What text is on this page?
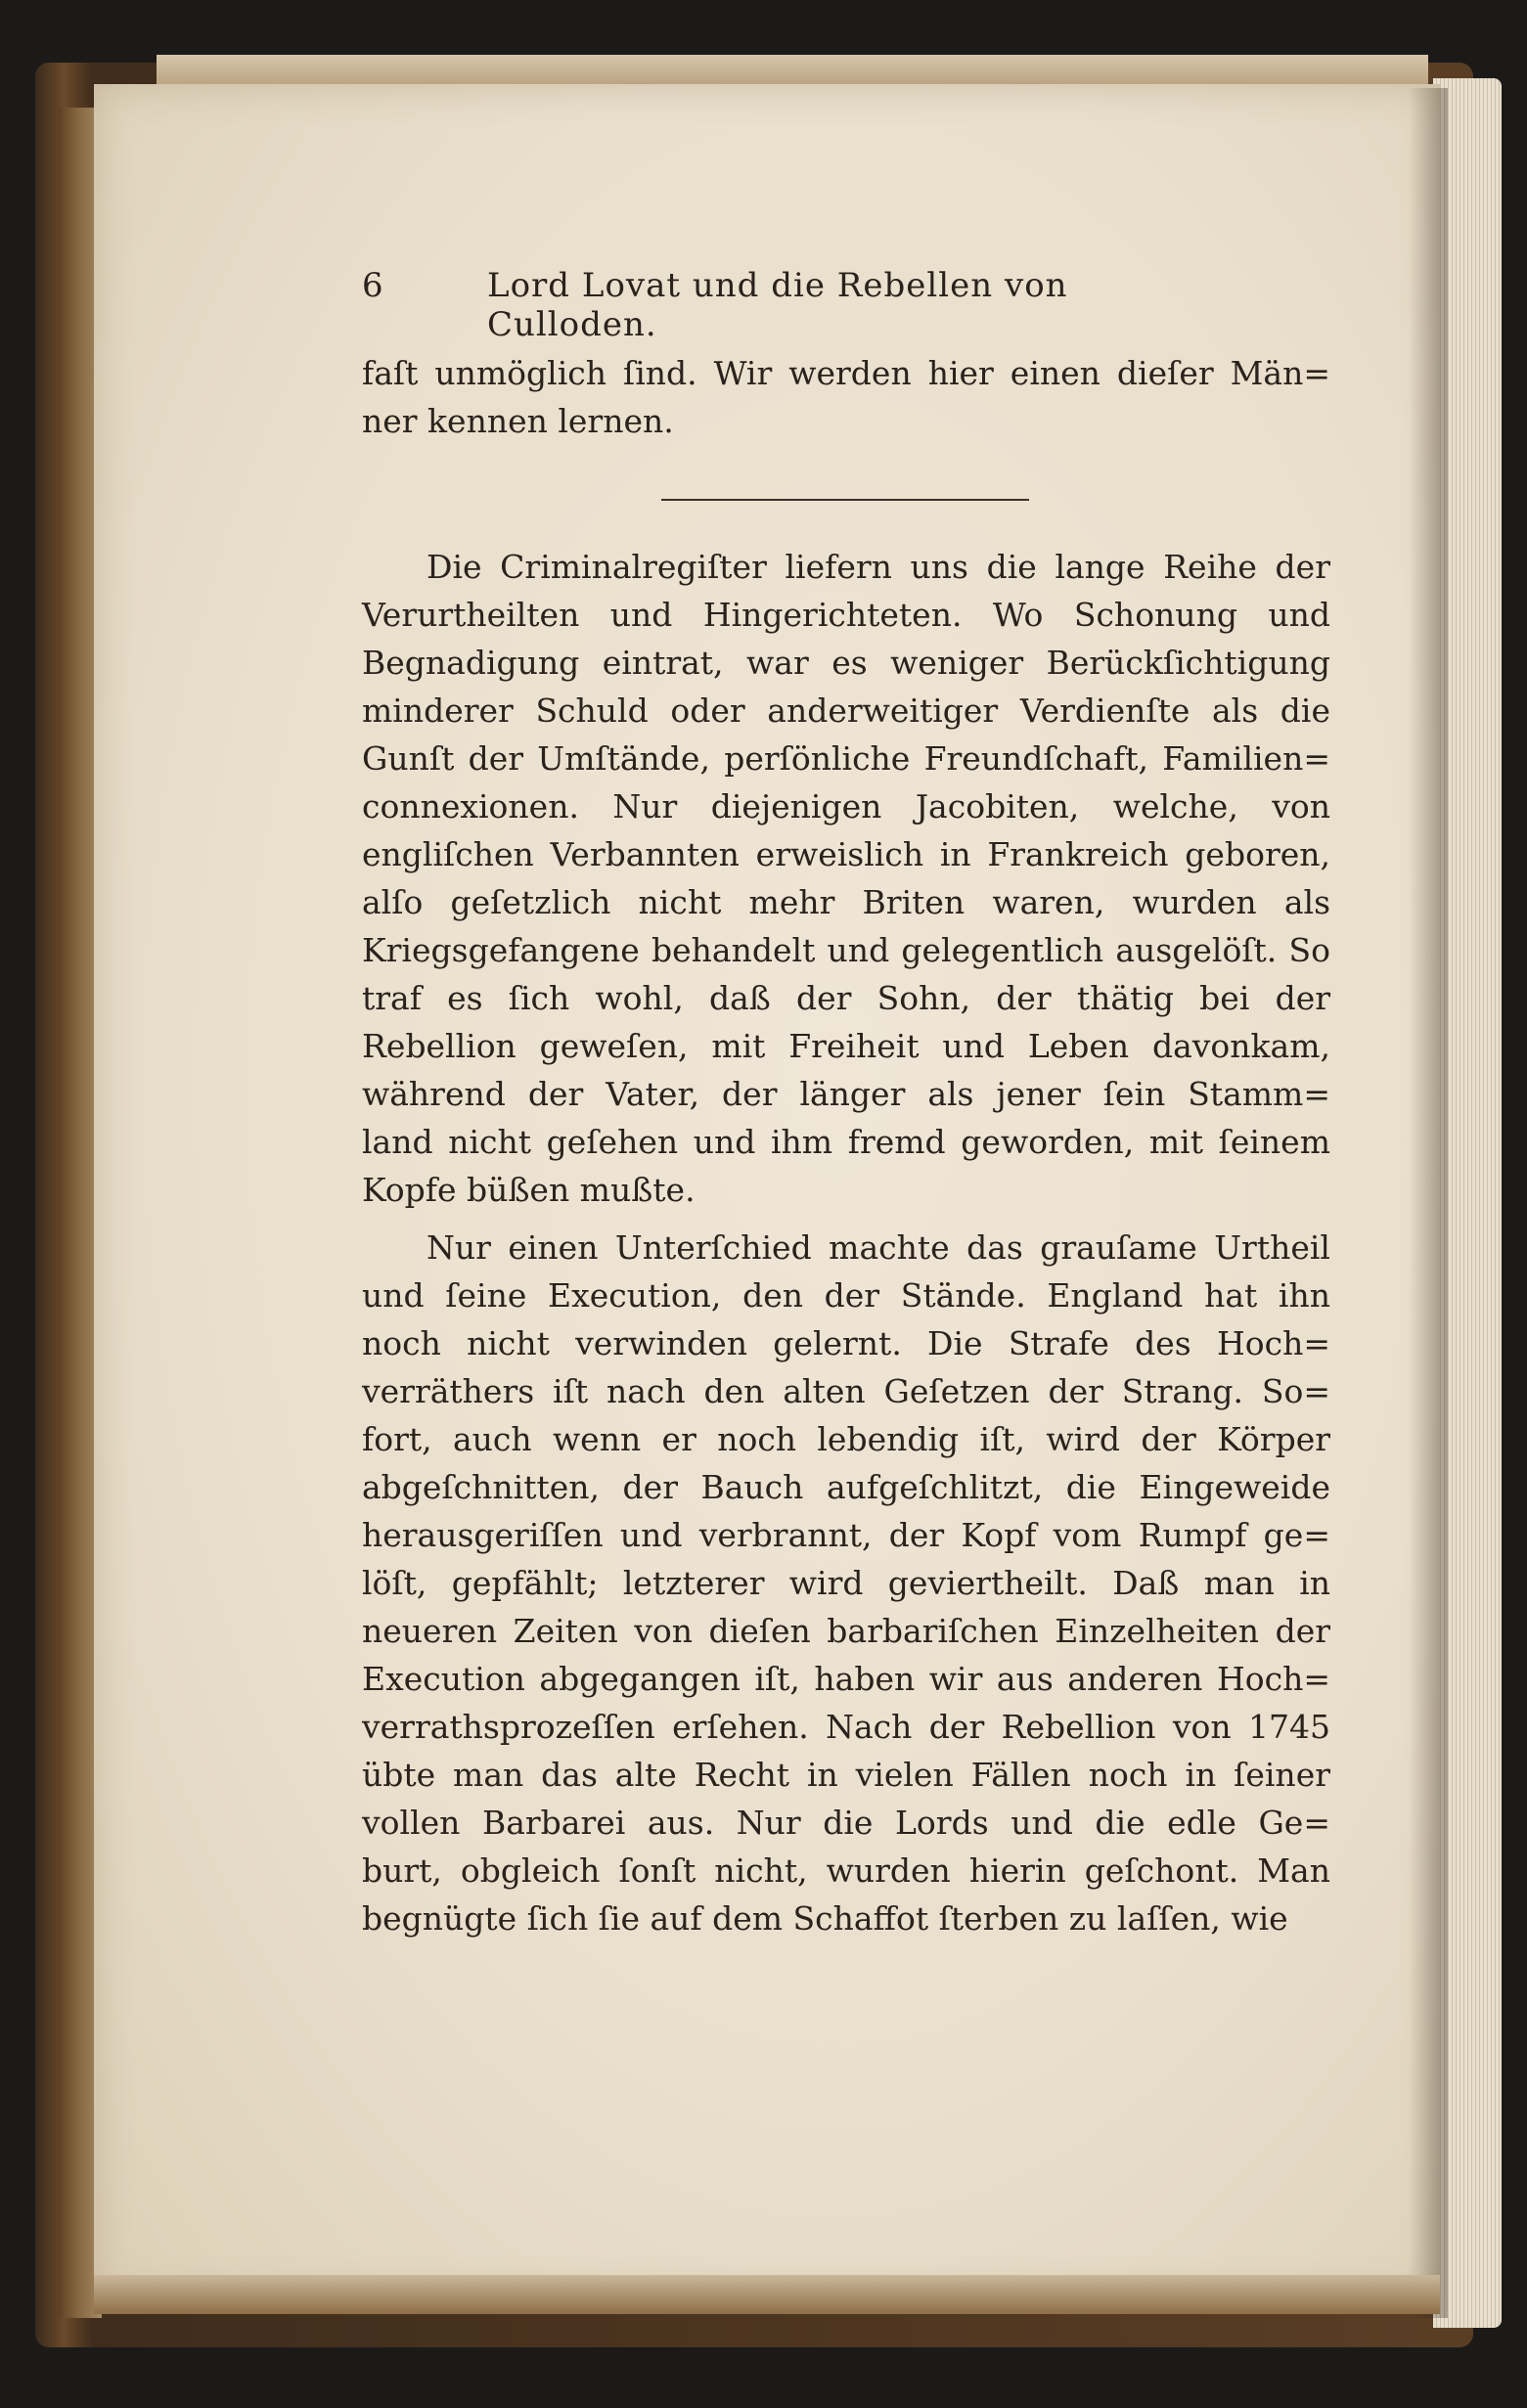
6	Lord Lovat und die Rebellen von Culloden.
faſt unmöglich ſind. Wir werden hier einen dieſer Män=
ner kennen lernen.
Die Criminalregiſter liefern uns die lange Reihe der
Verurtheilten und Hingerichteten. Wo Schonung und
Begnadigung eintrat, war es weniger Berückſichtigung
minderer Schuld oder anderweitiger Verdienſte als die
Gunſt der Umſtände, perſönliche Freundſchaft, Familien=
connexionen. Nur diejenigen Jacobiten, welche, von
engliſchen Verbannten erweislich in Frankreich geboren,
alſo geſetzlich nicht mehr Briten waren, wurden als
Kriegsgefangene behandelt und gelegentlich ausgelöſt. So
traf es ſich wohl, daß der Sohn, der thätig bei der
Rebellion geweſen, mit Freiheit und Leben davonkam,
während der Vater, der länger als jener ſein Stamm=
land nicht geſehen und ihm fremd geworden, mit ſeinem
Kopfe büßen mußte.
Nur einen Unterſchied machte das grauſame Urtheil
und ſeine Execution, den der Stände. England hat ihn
noch nicht verwinden gelernt. Die Strafe des Hoch=
verräthers iſt nach den alten Geſetzen der Strang. So=
fort, auch wenn er noch lebendig iſt, wird der Körper
abgeſchnitten, der Bauch aufgeſchlitzt, die Eingeweide
herausgeriſſen und verbrannt, der Kopf vom Rumpf ge=
löſt, gepfählt; letzterer wird geviertheilt. Daß man in
neueren Zeiten von dieſen barbariſchen Einzelheiten der
Execution abgegangen iſt, haben wir aus anderen Hoch=
verrathsprozeſſen erſehen. Nach der Rebellion von 1745
übte man das alte Recht in vielen Fällen noch in ſeiner
vollen Barbarei aus. Nur die Lords und die edle Ge=
burt, obgleich ſonſt nicht, wurden hierin geſchont. Man
begnügte ſich ſie auf dem Schaffot ſterben zu laſſen, wie
